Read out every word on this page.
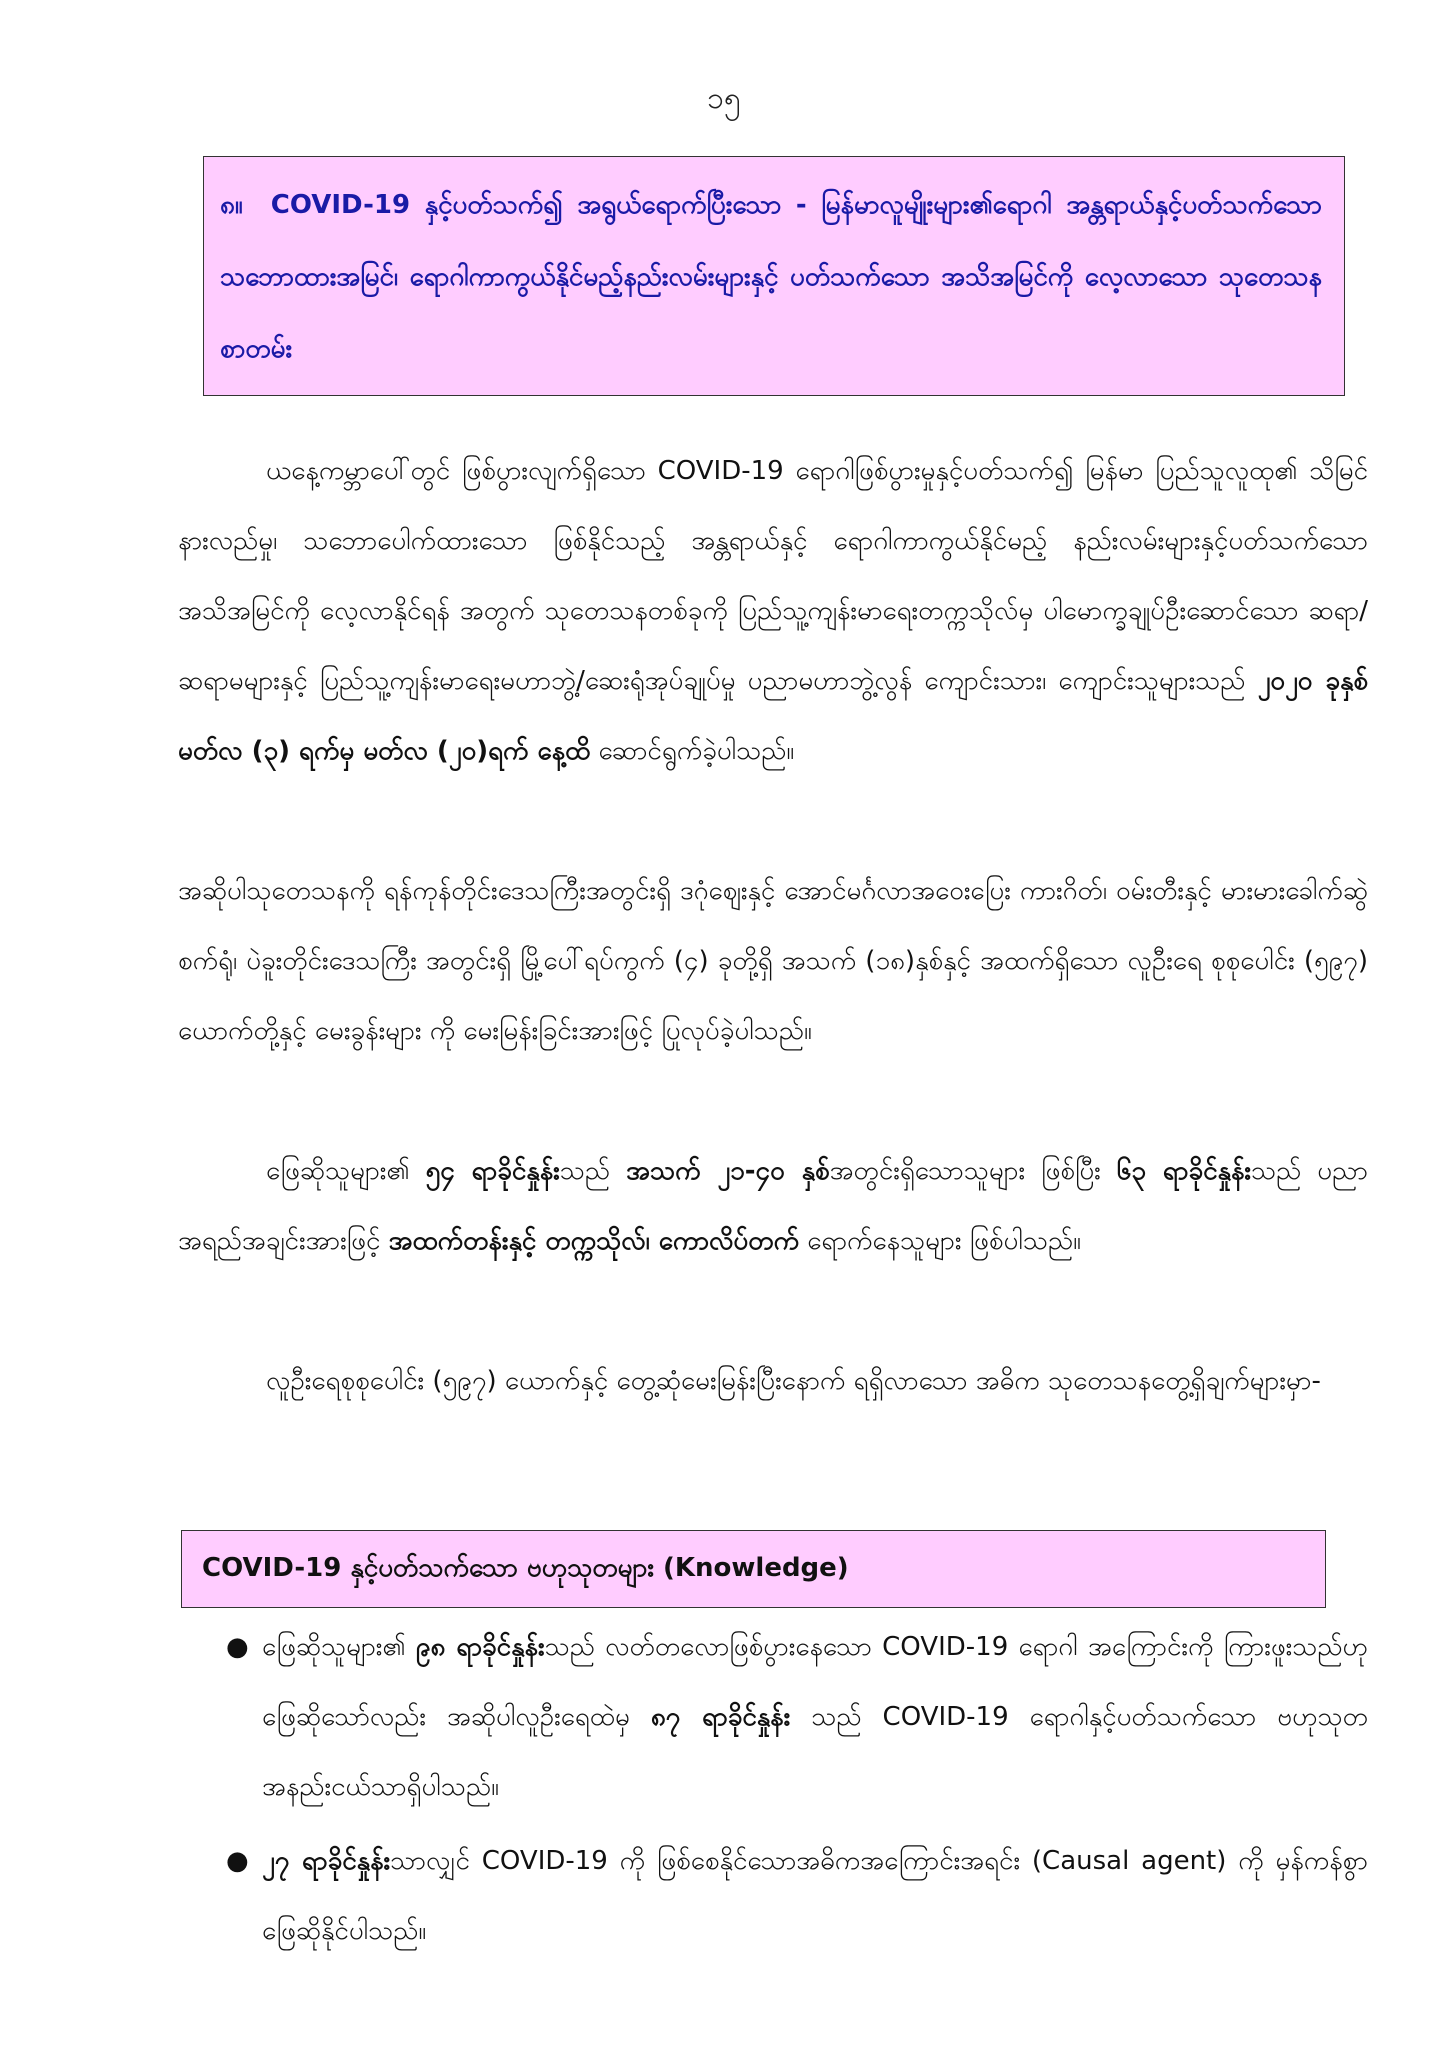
၁၅

၈။ COVID-19 နှင့်ပတ်သက်၍ အရွယ်ရောက်ပြီးသော - မြန်မာလူမျိုးများ၏ရောဂါ အန္တရာယ်နှင့်ပတ်သက်သော သဘောထားအမြင်၊ ရောဂါကာကွယ်နိုင်မည့်နည်းလမ်းများနှင့် ပတ်သက်သော အသိအမြင်ကို လေ့လာသော သုတေသနစာတမ်း

ယနေ့ကမ္ဘာပေါ်တွင် ဖြစ်ပွားလျက်ရှိသော COVID-19 ရောဂါဖြစ်ပွားမှုနှင့်ပတ်သက်၍ မြန်မာ ပြည်သူလူထု၏ သိမြင်နားလည်မှု၊ သဘောပေါက်ထားသော ဖြစ်နိုင်သည့် အန္တရာယ်နှင့် ရောဂါကာကွယ်နိုင်မည့် နည်းလမ်းများနှင့်ပတ်သက်သော အသိအမြင်ကို လေ့လာနိုင်ရန် အတွက် သုတေသနတစ်ခုကို ပြည်သူ့ကျန်းမာရေးတက္ကသိုလ်မှ ပါမောက္ခချုပ်ဦးဆောင်သော ဆရာ/ ဆရာမများနှင့် ပြည်သူ့ကျန်းမာရေးမဟာဘွဲ့/ဆေးရုံအုပ်ချုပ်မှု ပညာမဟာဘွဲ့လွန် ကျောင်းသား၊ ကျောင်းသူများသည် ၂၀၂၀ ခုနှစ် မတ်လ (၃) ရက်မှ မတ်လ (၂၀)ရက် နေ့ထိ ဆောင်ရွက်ခဲ့ပါသည်။

အဆိုပါသုတေသနကို ရန်ကုန်တိုင်းဒေသကြီးအတွင်းရှိ ဒဂုံဈေးနှင့် အောင်မင်္ဂလာအဝေးပြေး ကားဂိတ်၊ ဝမ်းတီးနှင့် မားမားခေါက်ဆွဲစက်ရုံ၊ ပဲခူးတိုင်းဒေသကြီး အတွင်းရှိ မြို့ပေါ်ရပ်ကွက် (၄) ခုတို့ရှိ အသက် (၁၈)နှစ်နှင့် အထက်ရှိသော လူဦးရေ စုစုပေါင်း (၅၉၇) ယောက်တို့နှင့် မေးခွန်းများ ကို မေးမြန်းခြင်းအားဖြင့် ပြုလုပ်ခဲ့ပါသည်။

ဖြေဆိုသူများ၏ ၅၄ ရာခိုင်နှုန်းသည် အသက် ၂၁-၄၀ နှစ်အတွင်းရှိသောသူများ ဖြစ်ပြီး ၆၃ ရာခိုင်နှုန်းသည် ပညာအရည်အချင်းအားဖြင့် အထက်တန်းနှင့် တက္ကသိုလ်၊ ကောလိပ်တက် ရောက်နေသူများ ဖြစ်ပါသည်။

လူဦးရေစုစုပေါင်း (၅၉၇) ယောက်နှင့် တွေ့ဆုံမေးမြန်းပြီးနောက် ရရှိလာသော အဓိက သုတေသနတွေ့ရှိချက်များမှာ-

COVID-19 နှင့်ပတ်သက်သော ဗဟုသုတများ (Knowledge)
● ဖြေဆိုသူများ၏ ၉၈ ရာခိုင်နှုန်းသည် လတ်တလောဖြစ်ပွားနေသော COVID-19 ရောဂါ အကြောင်းကို ကြားဖူးသည်ဟု ဖြေဆိုသော်လည်း အဆိုပါလူဦးရေထဲမှ ၈၇ ရာခိုင်နှုန်း သည် COVID-19 ရောဂါနှင့်ပတ်သက်သော ဗဟုသုတအနည်းငယ်သာရှိပါသည်။
● ၂၇ ရာခိုင်နှုန်းသာလျှင် COVID-19 ကို ဖြစ်စေနိုင်သောအဓိကအကြောင်းအရင်း (Causal agent) ကို မှန်ကန်စွာဖြေဆိုနိုင်ပါသည်။
